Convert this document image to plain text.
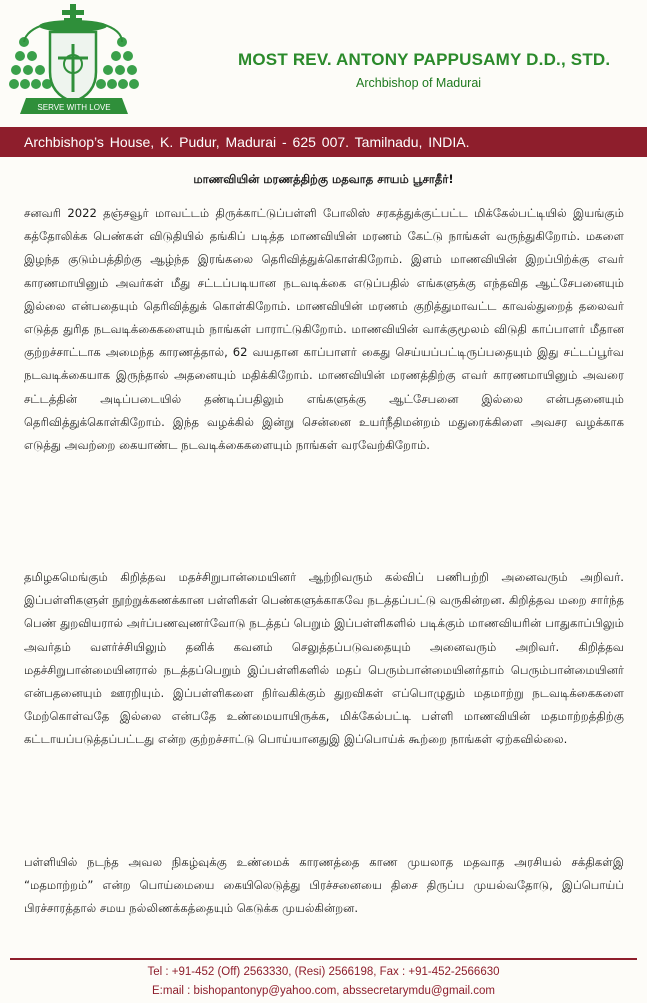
SERVE WITH LOVE
MOST REV. ANTONY PAPPUSAMY D.D., STD.
Archbishop of Madurai
Archbishop’s House, K. Pudur, Madurai - 625 007. Tamilnadu, INDIA.
மாணவியின் மரணத்திற்கு மதவாத சாயம் பூசாதீர்!
சனவரி 2022 தஞ்சவூர் மாவட்டம் திருக்காட்டுப்பள்ளி போலிஸ் சரகத்துக்குட்பட்ட மிக்கேல்பட்டியில் இயங்கும் கத்தோலிக்க பெண்கள் விடுதியில் தங்கிப் படித்த மாணவியின் மரணம் கேட்டு நாங்கள் வருந்துகிறோம். மகளை இழந்த குடும்பத்திற்கு ஆழ்ந்த இரங்கலை தெரிவித்துக்கொள்கிறோம். இளம் மாணவியின் இறப்பிற்க்கு எவர் காரணமாயினும் அவர்கள் மீது சட்டப்படியான நடவடிக்கை எடுப்பதில் எங்களுக்கு எந்தவித ஆட்சேபனையும் இல்லை என்பதையும் தெரிவித்துக் கொள்கிறோம். மாணவியின் மரணம் குறித்துமாவட்ட காவல்துறைத் தலைவர் எடுத்த துரித நடவடிக்கைகளையும் நாங்கள் பாராட்டுகிறோம். மாணவியின் வாக்குமூலம் விடுதி காப்பாளர் மீதான குற்றச்சாட்டாக அமைந்த காரணத்தால், 62 வயதான காப்பாளர் கைது செய்யப்பட்டிருப்பதையும் இது சட்டப்பூர்வ நடவடிக்கையாக இருந்தால் அதனையும் மதிக்கிறோம். மாணவியின் மரணத்திற்கு எவர் காரணமாயினும் அவரை சட்டத்தின் அடிப்படையில் தண்டிப்பதிலும் எங்களுக்கு ஆட்சேபனை இல்லை என்பதனையும் தெரிவித்துக்கொள்கிறோம். இந்த வழக்கில் இன்று சென்னை உயர்நீதிமன்றம் மதுரைக்கிளை அவசர வழக்காக எடுத்து அவற்றை கையாண்ட நடவடிக்கைகளையும் நாங்கள் வரவேற்கிறோம்.
தமிழகமெங்கும் கிறித்தவ மதச்சிறுபான்மையினர் ஆற்றிவரும் கல்விப் பணிபற்றி அனைவரும் அறிவர். இப்பள்ளிகளுள் நூற்றுக்கணக்கான பள்ளிகள் பெண்களுக்காகவே நடத்தப்பட்டு வருகின்றன. கிறித்தவ மறை சார்ந்த பெண் துறவியரால் அர்ப்பணவுணர்வோடு நடத்தப் பெறும் இப்பள்ளிகளில் படிக்கும் மாணவியரின் பாதுகாப்பிலும் அவர்தம் வளர்ச்சியிலும் தனிக் கவனம் செலுத்தப்படுவதையும் அனைவரும் அறிவர். கிறித்தவ மதச்சிறுபான்மையினரால் நடத்தப்பெறும் இப்பள்ளிகளில் மதப் பெரும்பான்மையினர்தாம் பெரும்பான்மையினர் என்பதனையும் ஊரறியும். இப்பள்ளிகளை நிர்வகிக்கும் துறவிகள் எப்பொழுதும் மதமாற்று நடவடிக்கைகளை மேற்கொள்வதே இல்லை என்பதே உண்மையாயிருக்க, மிக்கேல்பட்டி பள்ளி மாணவியின் மதமாற்றத்திற்கு கட்டாயப்படுத்தப்பட்டது என்ற குற்றச்சாட்டு பொய்யானதுஇ இப்பொய்க் கூற்றை நாங்கள் ஏற்கவில்லை.
பள்ளியில் நடந்த அவல நிகழ்வுக்கு உண்மைக் காரணத்தை காண முயலாத மதவாத அரசியல் சக்திகள்இ “மதமாற்றம்” என்ற பொய்மையை கையிலெடுத்து பிரச்சனையை திசை திருப்ப முயல்வதோடு, இப்பொய்ப் பிரச்சாரத்தால் சமய நல்லிணக்கத்தையும் கெடுக்க முயல்கின்றன.
Tel : +91-452 (Off) 2563330, (Resi) 2566198, Fax : +91-452-2566630
E:mail : bishopantonyp@yahoo.com, abssecretarymdu@gmail.com
